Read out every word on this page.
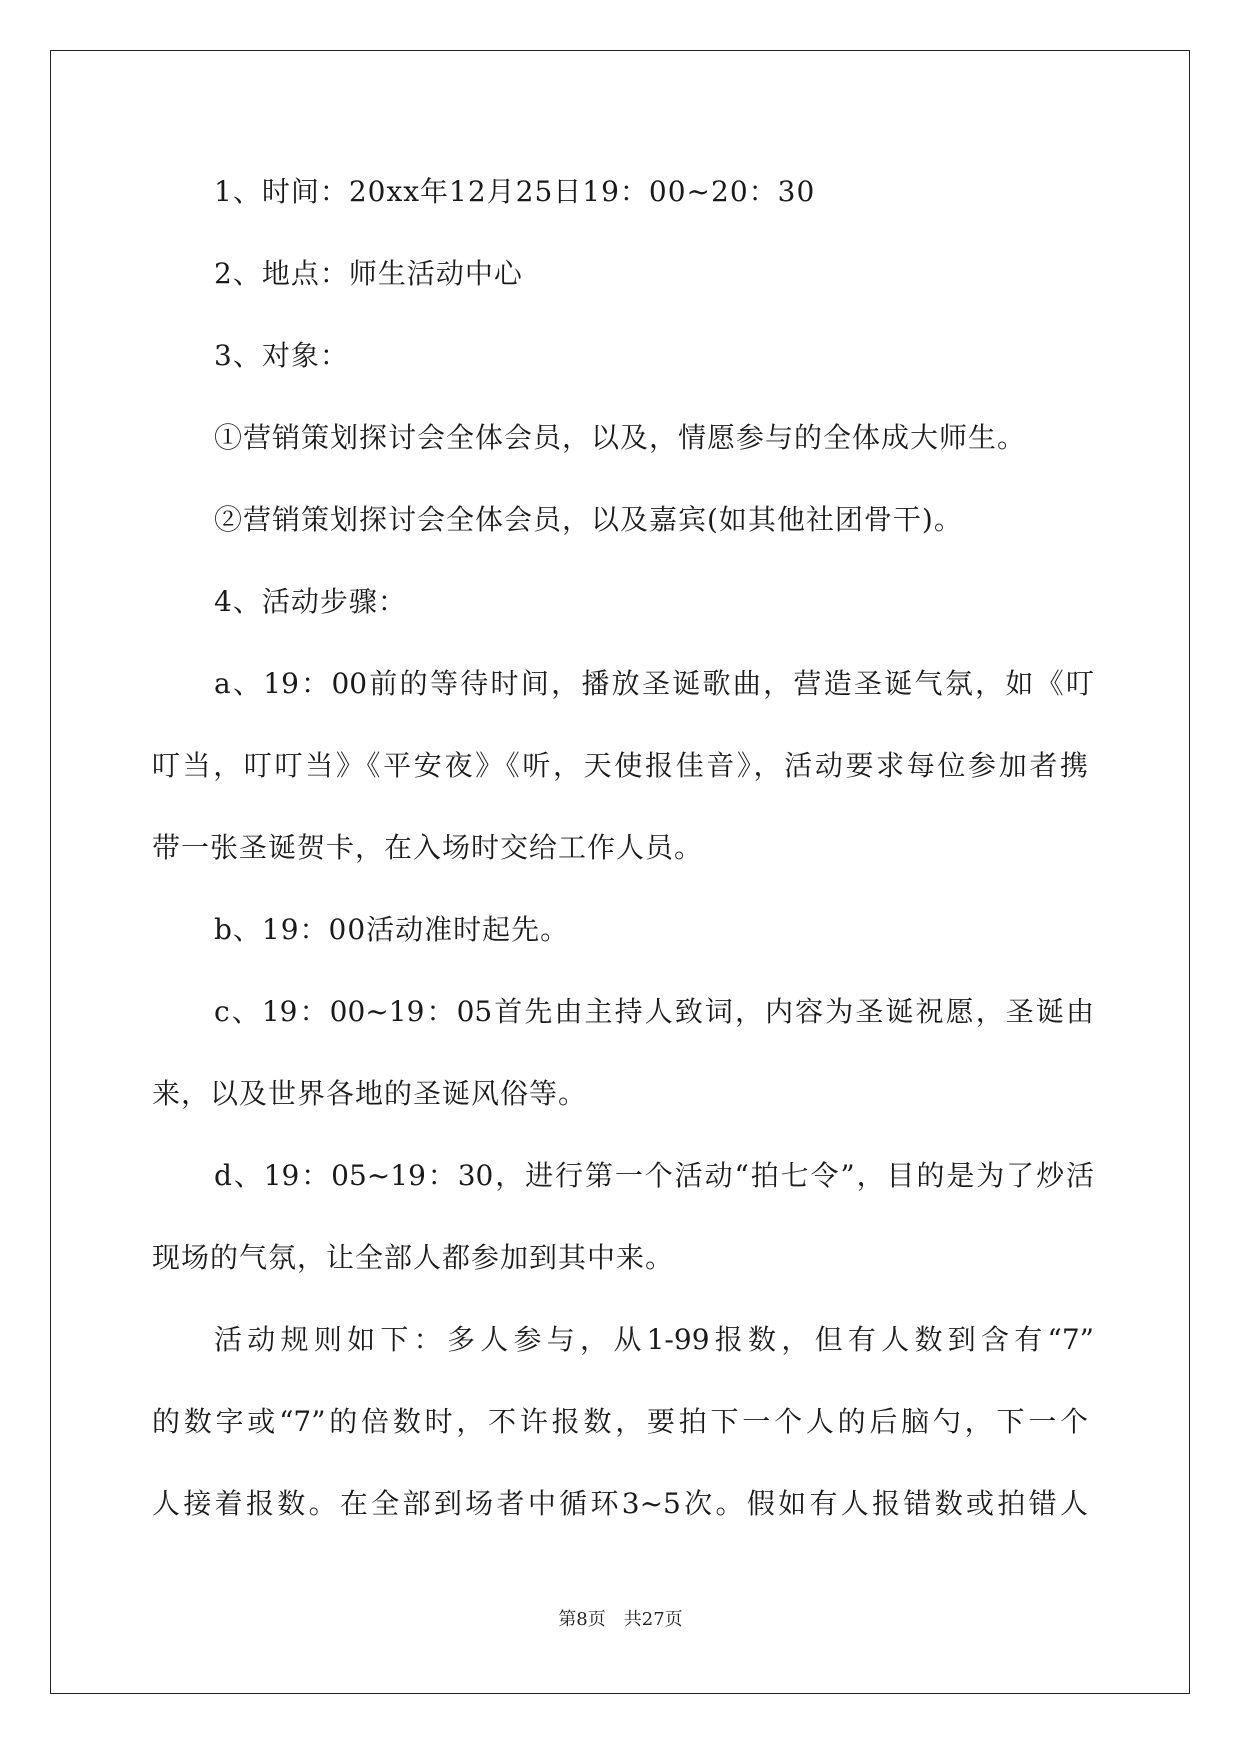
1、时间：20xx年12月25日19：00~20：30

2、地点：师生活动中心

3、对象：

①营销策划探讨会全体会员，以及，情愿参与的全体成大师生。

②营销策划探讨会全体会员，以及嘉宾(如其他社团骨干)。

4、活动步骤：

a、19：00前的等待时间，播放圣诞歌曲，营造圣诞气氛，如《叮

叮当，叮叮当》《平安夜》《听，天使报佳音》，活动要求每位参加者携

带一张圣诞贺卡，在入场时交给工作人员。

b、19：00活动准时起先。

c、19：00~19：05首先由主持人致词，内容为圣诞祝愿，圣诞由

来，以及世界各地的圣诞风俗等。

d、19：05~19：30，进行第一个活动“拍七令”，目的是为了炒活

现场的气氛，让全部人都参加到其中来。

活动规则如下：多人参与，从1-99报数，但有人数到含有“7”

的数字或“7”的倍数时，不许报数，要拍下一个人的后脑勺，下一个

人接着报数。在全部到场者中循环3~5次。假如有人报错数或拍错人

第8页 共27页
